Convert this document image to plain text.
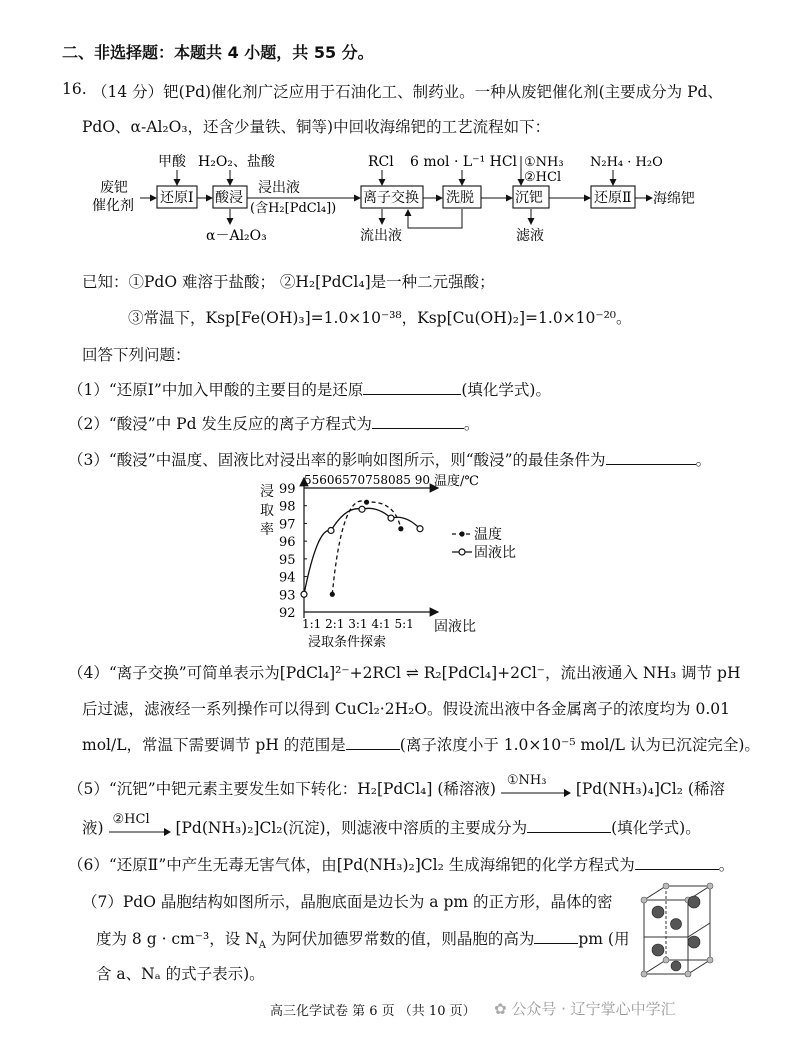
二、非选择题：本题共 4 小题，共 55 分。
16. （14 分）钯(Pd)催化剂广泛应用于石油化工、制药业。一种从废钯催化剂(主要成分为 Pd、
PdO、α-Al₂O₃，还含少量铁、铜等)中回收海绵钯的工艺流程如下：
废钯
催化剂 还原Ⅰ
甲酸
酸浸
H₂O₂、盐酸
α－Al₂O₃
浸出液
(含H₂[PdCl₄])
离子交换
RCl
流出液
洗脱
6 mol · L⁻¹ HCl
沉钯
①NH₃
②HCl
滤液
还原Ⅱ
N₂H₄ · H₂O
海绵钯
已知：①PdO 难溶于盐酸； ②H₂[PdCl₄]是一种二元强酸；
③常温下，Ksp[Fe(OH)₃]=1.0×10⁻³⁸，Ksp[Cu(OH)₂]=1.0×10⁻²⁰。
回答下列问题：
（1）“还原Ⅰ”中加入甲酸的主要目的是还原	(填化学式)。
（2）“酸浸”中 Pd 发生反应的离子方程式为	。
（3）“酸浸”中温度、固液比对浸出率的影响如图所示，则“酸浸”的最佳条件为	。
99
98
97
96
95
94
93
92
浸
取
率
55606570758085 90 温度/℃
1:1 2:1 3:1 4:1 5:1 固液比
浸取条件探索
温度
固液比
（4）“离子交换”可简单表示为[PdCl₄]²⁻+2RCl ⇌ R₂[PdCl₄]+2Cl⁻，流出液通入 NH₃ 调节 pH
后过滤，滤液经一系列操作可以得到 CuCl₂·2H₂O。假设流出液中各金属离子的浓度均为 0.01
mol/L，常温下需要调节 pH 的范围是	(离子浓度小于 1.0×10⁻⁵ mol/L 认为已沉淀完全)。
（5）“沉钯”中钯元素主要发生如下转化：H₂[PdCl₄] (稀溶液) ①NH₃ [Pd(NH₃)₄]Cl₂ (稀溶
液) ②HCl [Pd(NH₃)₂]Cl₂(沉淀)，则滤液中溶质的主要成分为	(填化学式)。
（6）“还原Ⅱ”中产生无毒无害气体，由[Pd(NH₃)₂]Cl₂ 生成海绵钯的化学方程式为	。
（7）PdO 晶胞结构如图所示，晶胞底面是边长为 a pm 的正方形，晶体的密
度为 8 g · cm⁻³，设 $N_A$ 为阿伏加德罗常数的值，则晶胞的高为	pm (用
含 a、Nₐ 的式子表示)。
高三化学试卷 第 6 页 （共 10 页） ✿ 公众号 · 辽宁掌心中学汇
